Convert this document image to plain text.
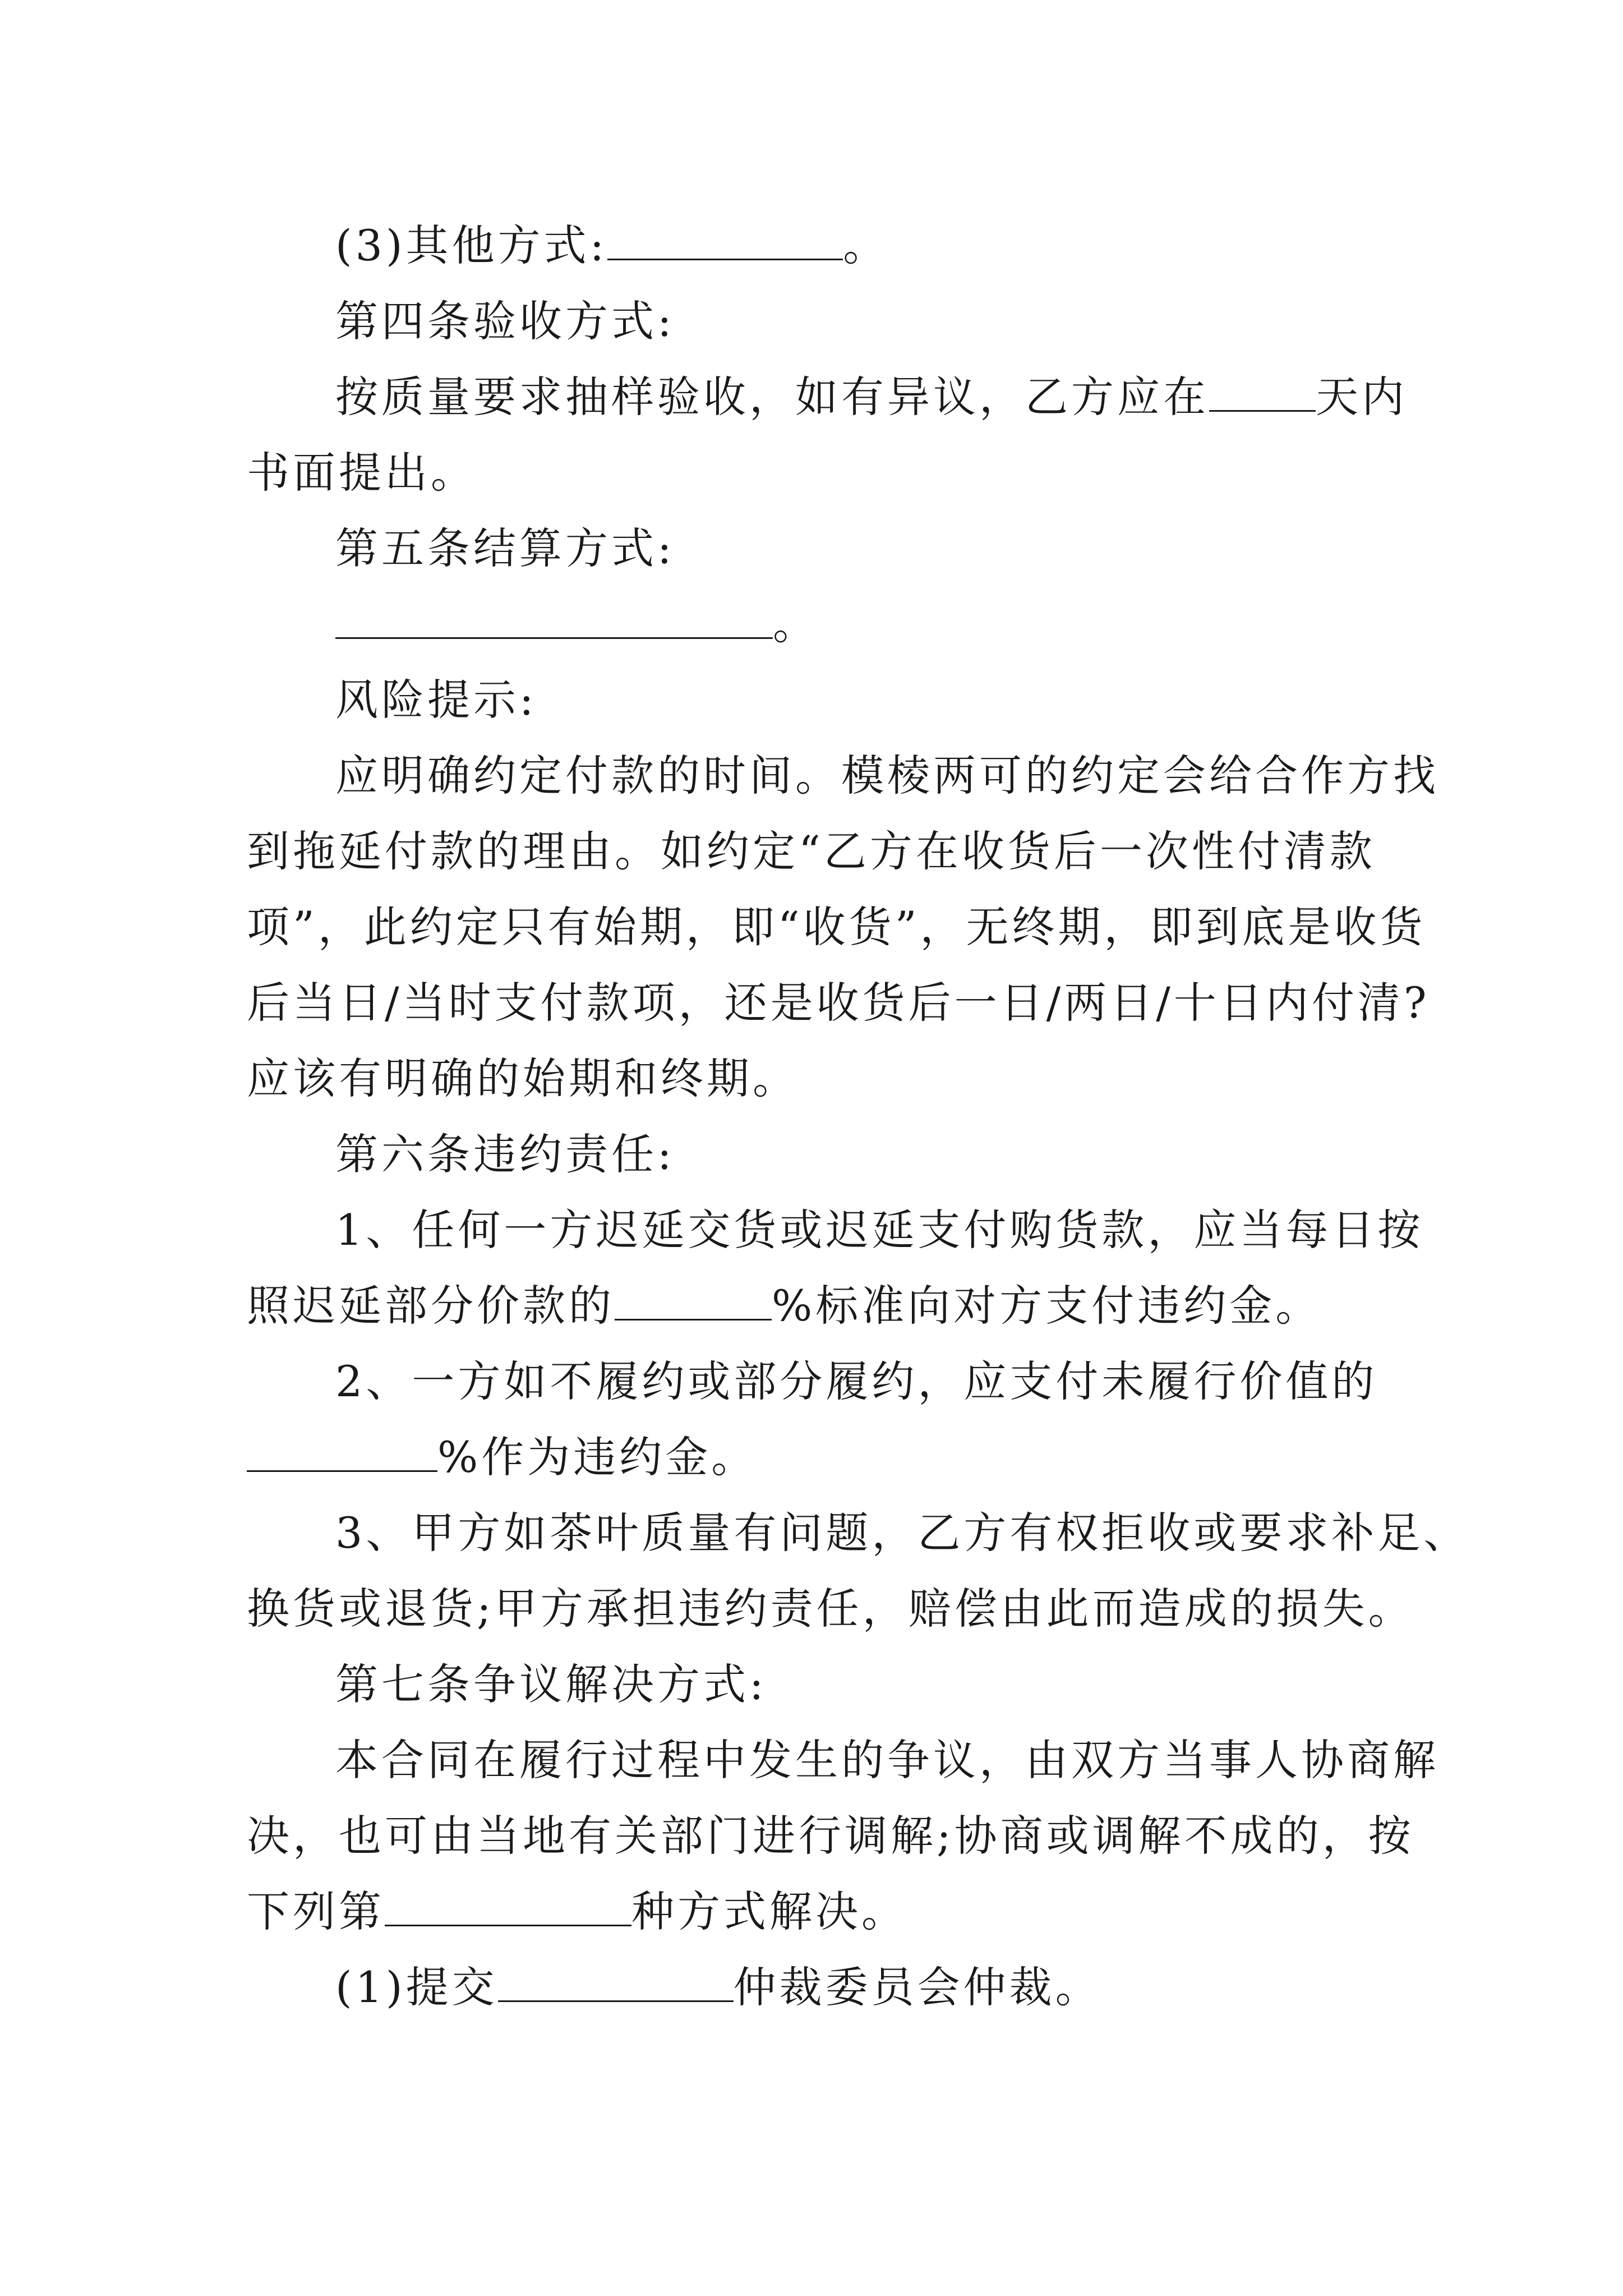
(3)其他方式:	。
第四条验收方式:
按质量要求抽样验收，如有异议，乙方应在	天内
书面提出。
第五条结算方式:
。
风险提示:
应明确约定付款的时间。模棱两可的约定会给合作方找
到拖延付款的理由。如约定“乙方在收货后一次性付清款
项”，此约定只有始期，即“收货”，无终期，即到底是收货
后当日/当时支付款项，还是收货后一日/两日/十日内付清?
应该有明确的始期和终期。
第六条违约责任:
1、任何一方迟延交货或迟延支付购货款，应当每日按
照迟延部分价款的	%标准向对方支付违约金。
2、一方如不履约或部分履约，应支付未履行价值的
%作为违约金。
3、甲方如茶叶质量有问题，乙方有权拒收或要求补足、
换货或退货;甲方承担违约责任，赔偿由此而造成的损失。
第七条争议解决方式:
本合同在履行过程中发生的争议，由双方当事人协商解
决，也可由当地有关部门进行调解;协商或调解不成的，按
下列第	种方式解决。
(1)提交	仲裁委员会仲裁。
